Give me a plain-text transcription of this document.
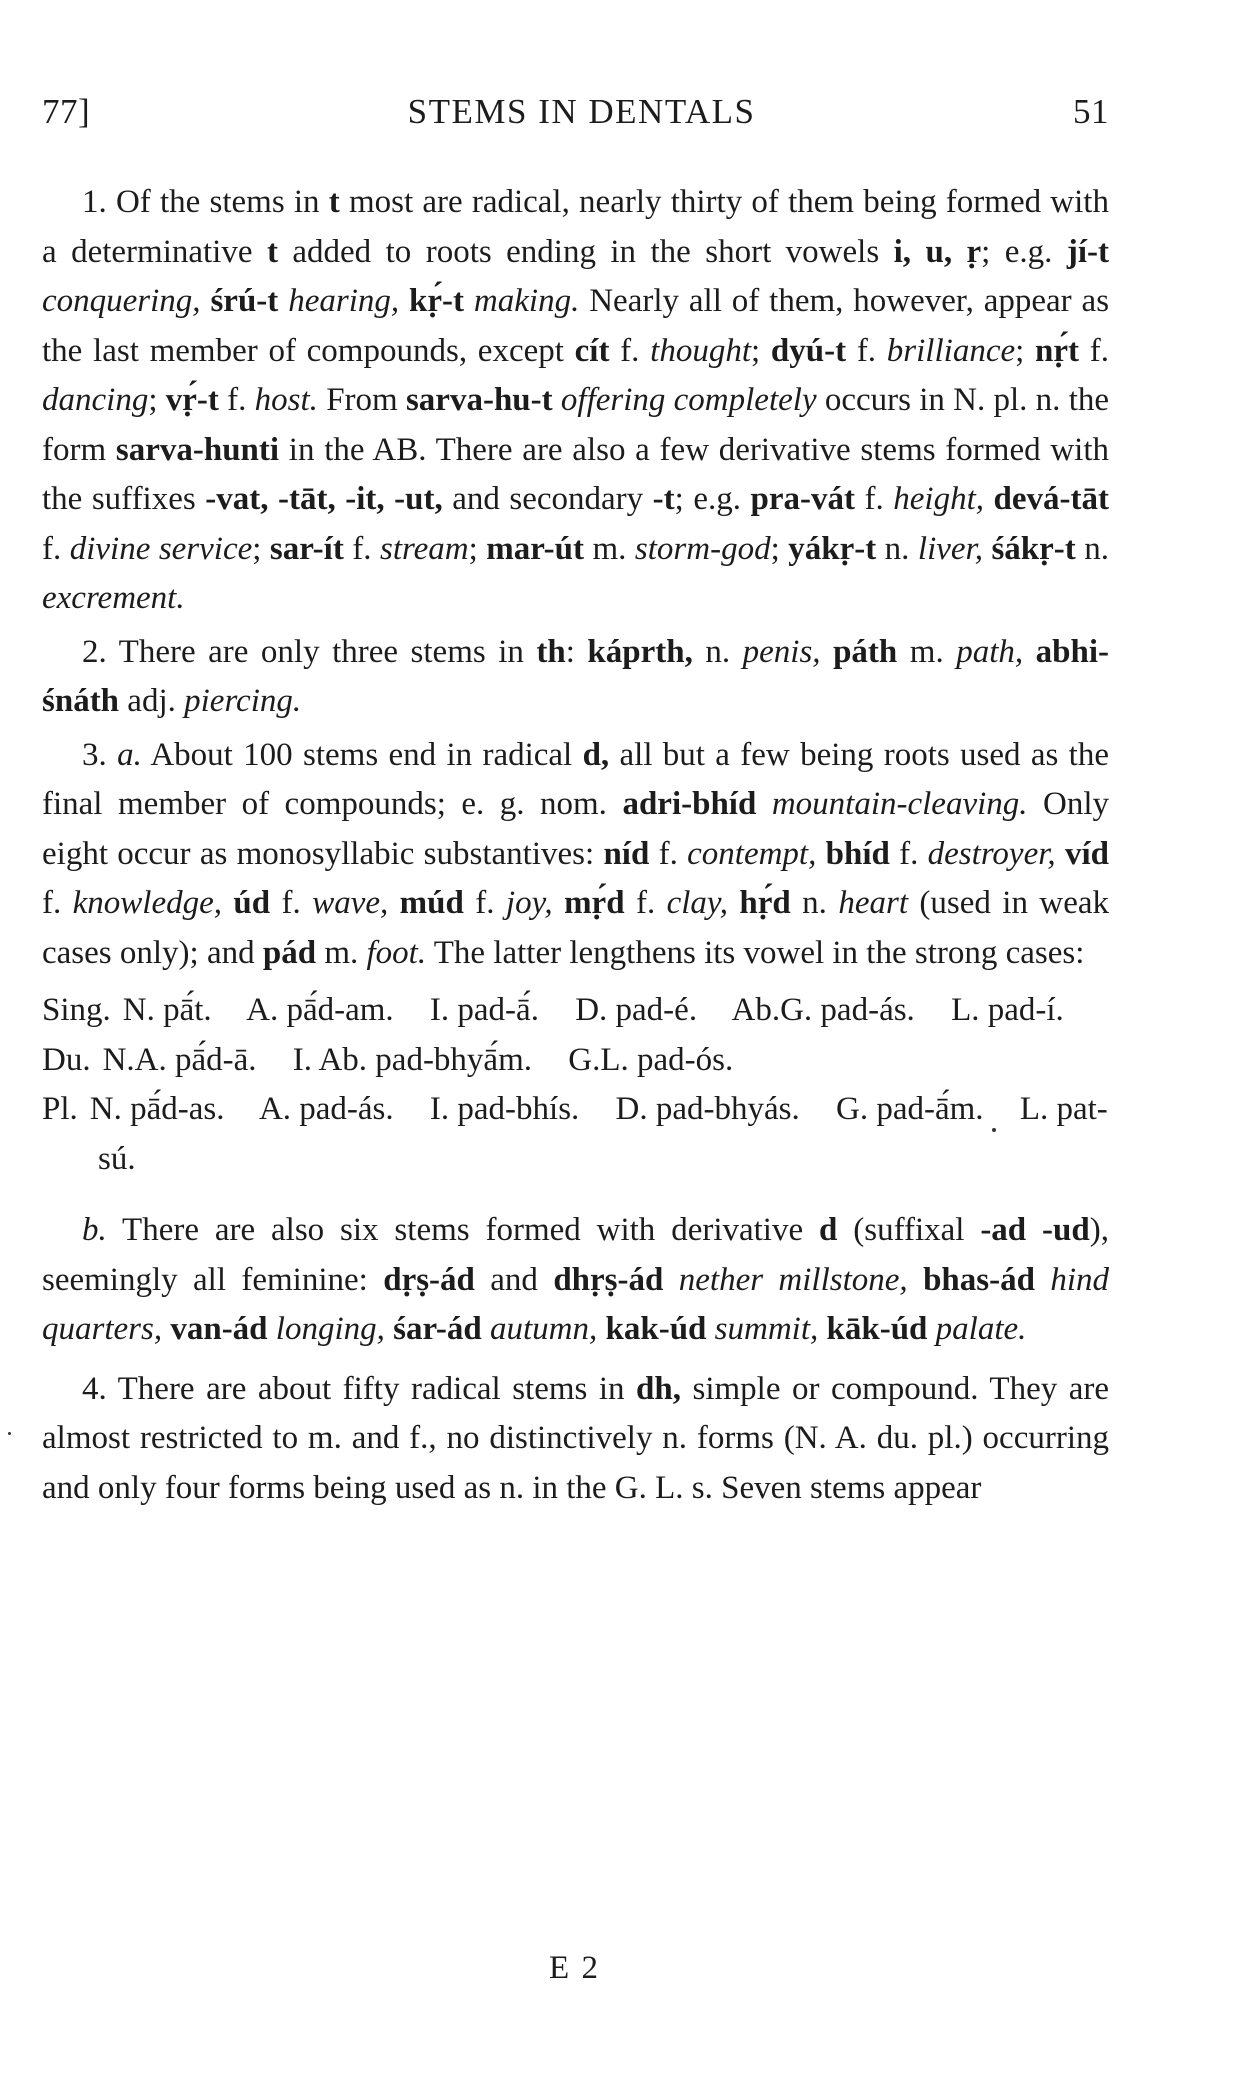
77]	STEMS IN DENTALS	51

1. Of the stems in t most are radical, nearly thirty of them being formed with a determinative t added to roots ending in the short vowels i, u, ṛ; e.g. jí-t conquering, śrú-t hearing, kṛ́-t making. Nearly all of them, however, appear as the last member of compounds, except cít f. thought; dyú-t f. brilliance; nṛ́t f. dancing; vṛ́-t f. host. From sarva-hu-t offering completely occurs in N. pl. n. the form sarva-hunti in the AB. There are also a few derivative stems formed with the suffixes -vat, -tāt, -it, -ut, and secondary -t; e.g. pra-vát f. height, devá-tāt f. divine service; sar-ít f. stream; mar-út m. storm-god; yákṛ-t n. liver, śákṛ-t n. excrement.

2. There are only three stems in th: káprth, n. penis, páth m. path, abhi-śnáth adj. piercing.

3. a. About 100 stems end in radical d, all but a few being roots used as the final member of compounds; e. g. nom. adri-bhíd mountain-cleaving. Only eight occur as monosyllabic substantives: níd f. contempt, bhíd f. destroyer, víd f. knowledge, úd f. wave, múd f. joy, mṛ́d f. clay, hṛ́d n. heart (used in weak cases only); and pád m. foot. The latter lengthens its vowel in the strong cases:

Sing. N. pā́t. A. pā́d-am. I. pad-ā́. D. pad-é. Ab.G. pad-ás. L. pad-í.
Du. N.A. pā́d-ā. I. Ab. pad-bhyā́m. G.L. pad-ós.
Pl. N. pā́d-as. A. pad-ás. I. pad-bhís. D. pad-bhyás. G. pad-ā́m. L. pat-sú.

b. There are also six stems formed with derivative d (suffixal -ad -ud), seemingly all feminine: dṛṣ-ád and dhṛṣ-ád nether millstone, bhas-ád hind quarters, van-ád longing, śar-ád autumn, kak-úd summit, kāk-úd palate.

4. There are about fifty radical stems in dh, simple or compound. They are almost restricted to m. and f., no distinctively n. forms (N. A. du. pl.) occurring and only four forms being used as n. in the G. L. s. Seven stems appear

E 2
